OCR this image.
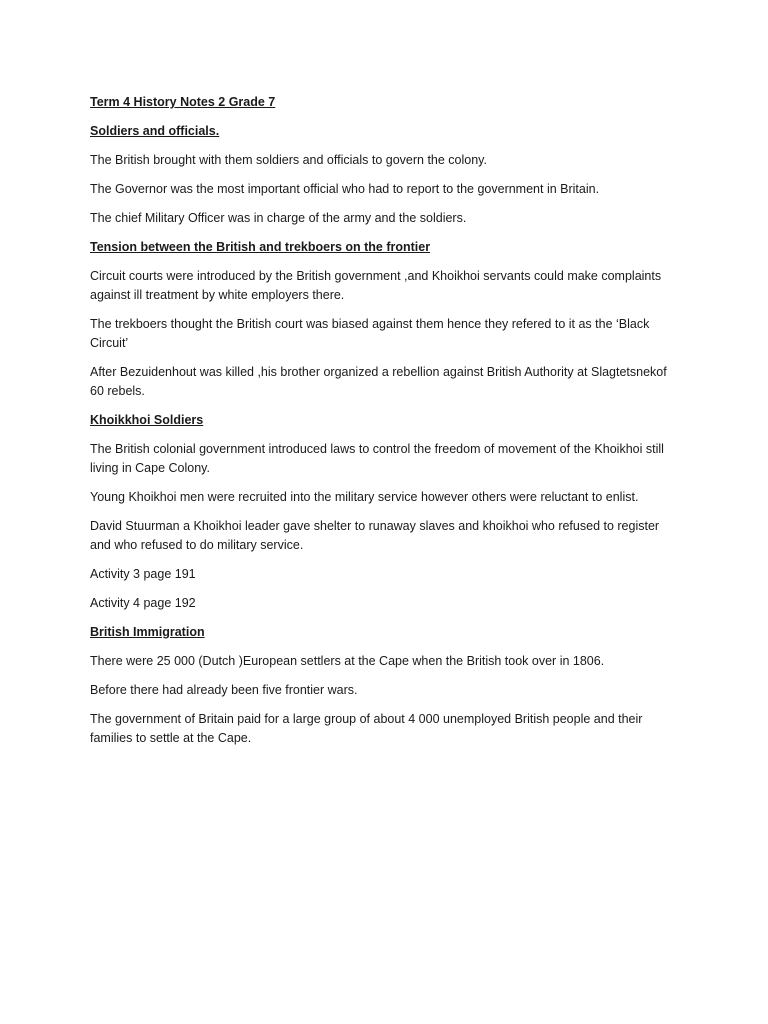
Term 4 History Notes 2 Grade 7
Soldiers and officials.
The British brought with them soldiers and officials to govern the colony.
The Governor was the most important official who had to report to the government in Britain.
The chief Military Officer was in charge of the army and the soldiers.
Tension between the British and trekboers on the frontier
Circuit courts were introduced by the British government ,and Khoikhoi servants could make complaints against ill treatment by white employers there.
The trekboers thought the British court was biased against them hence they refered to it as the ‘Black Circuit’
After Bezuidenhout was killed ,his brother organized a rebellion against British Authority at Slagtetsnekof 60 rebels.
Khoikkhoi Soldiers
The British colonial government introduced laws to control the freedom of movement of the Khoikhoi still living in Cape Colony.
Young Khoikhoi men were recruited into the military service however others were reluctant to enlist.
David Stuurman a Khoikhoi leader gave shelter to runaway slaves and khoikhoi who refused to register and who refused to do military service.
Activity 3 page 191
Activity 4 page 192
British Immigration
There were 25 000 (Dutch )European settlers at the Cape when the British took over in 1806.
Before there had already been five frontier wars.
The government of Britain paid for a large group of about 4 000 unemployed British people and their families to settle at the Cape.
